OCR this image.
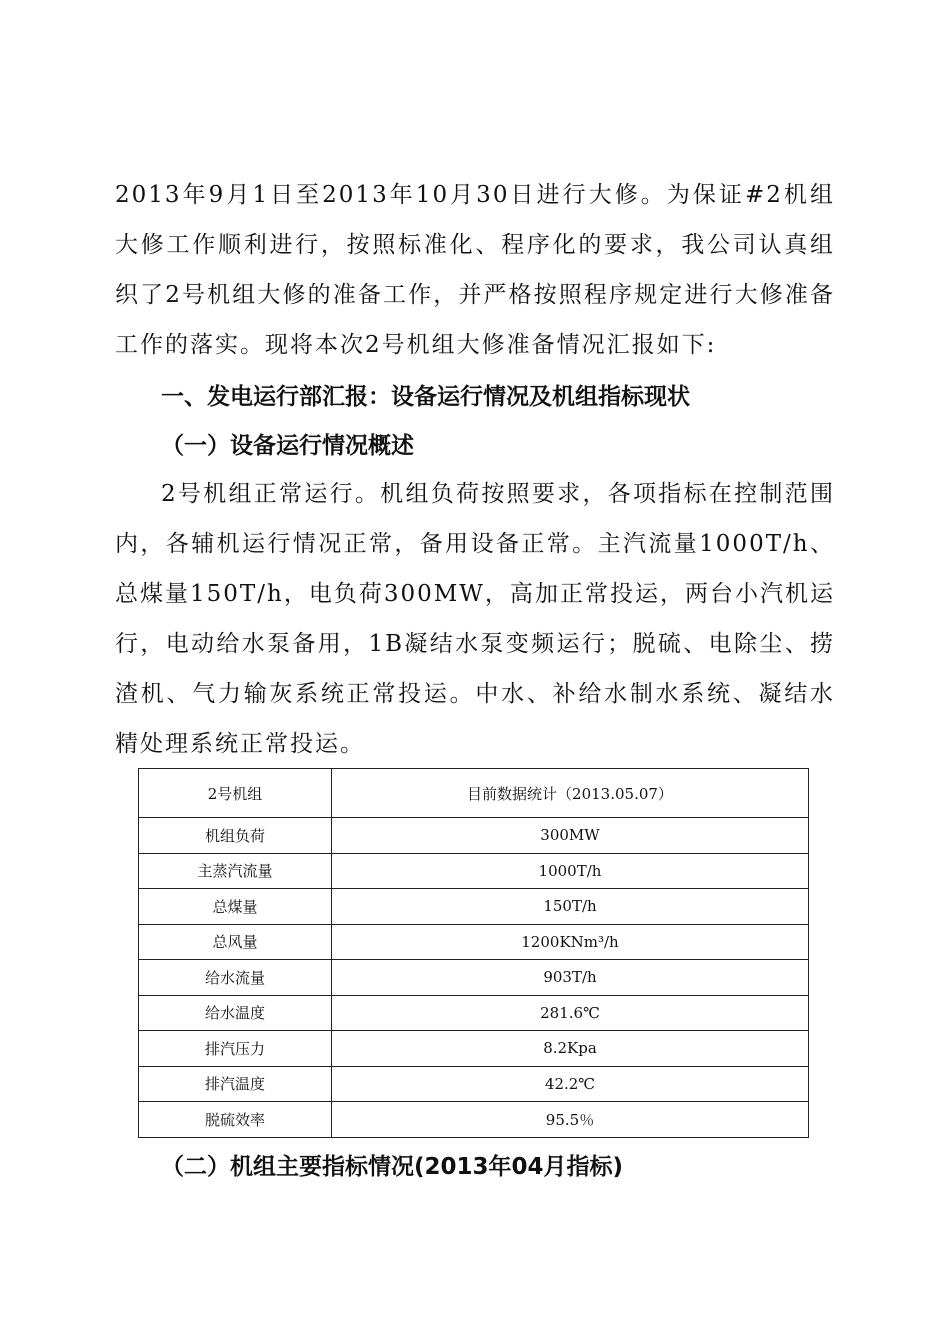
2013年9月1日至2013年10月30日进行大修。为保证#2机组大修工作顺利进行，按照标准化、程序化的要求，我公司认真组织了2号机组大修的准备工作，并严格按照程序规定进行大修准备工作的落实。现将本次2号机组大修准备情况汇报如下:

一、发电运行部汇报：设备运行情况及机组指标现状
（一）设备运行情况概述

2号机组正常运行。机组负荷按照要求，各项指标在控制范围内，各辅机运行情况正常，备用设备正常。主汽流量1000T/h、总煤量150T/h，电负荷300MW，高加正常投运，两台小汽机运行，电动给水泵备用，1B凝结水泵变频运行；脱硫、电除尘、捞渣机、气力输灰系统正常投运。中水、补给水制水系统、凝结水精处理系统正常投运。

2号机组	目前数据统计（2013.05.07）
机组负荷	300MW
主蒸汽流量	1000T/h
总煤量	150T/h
总风量	1200KNm³/h
给水流量	903T/h
给水温度	281.6℃
排汽压力	8.2Kpa
排汽温度	42.2℃
脱硫效率	95.5％
（二）机组主要指标情况(2013年04月指标)
